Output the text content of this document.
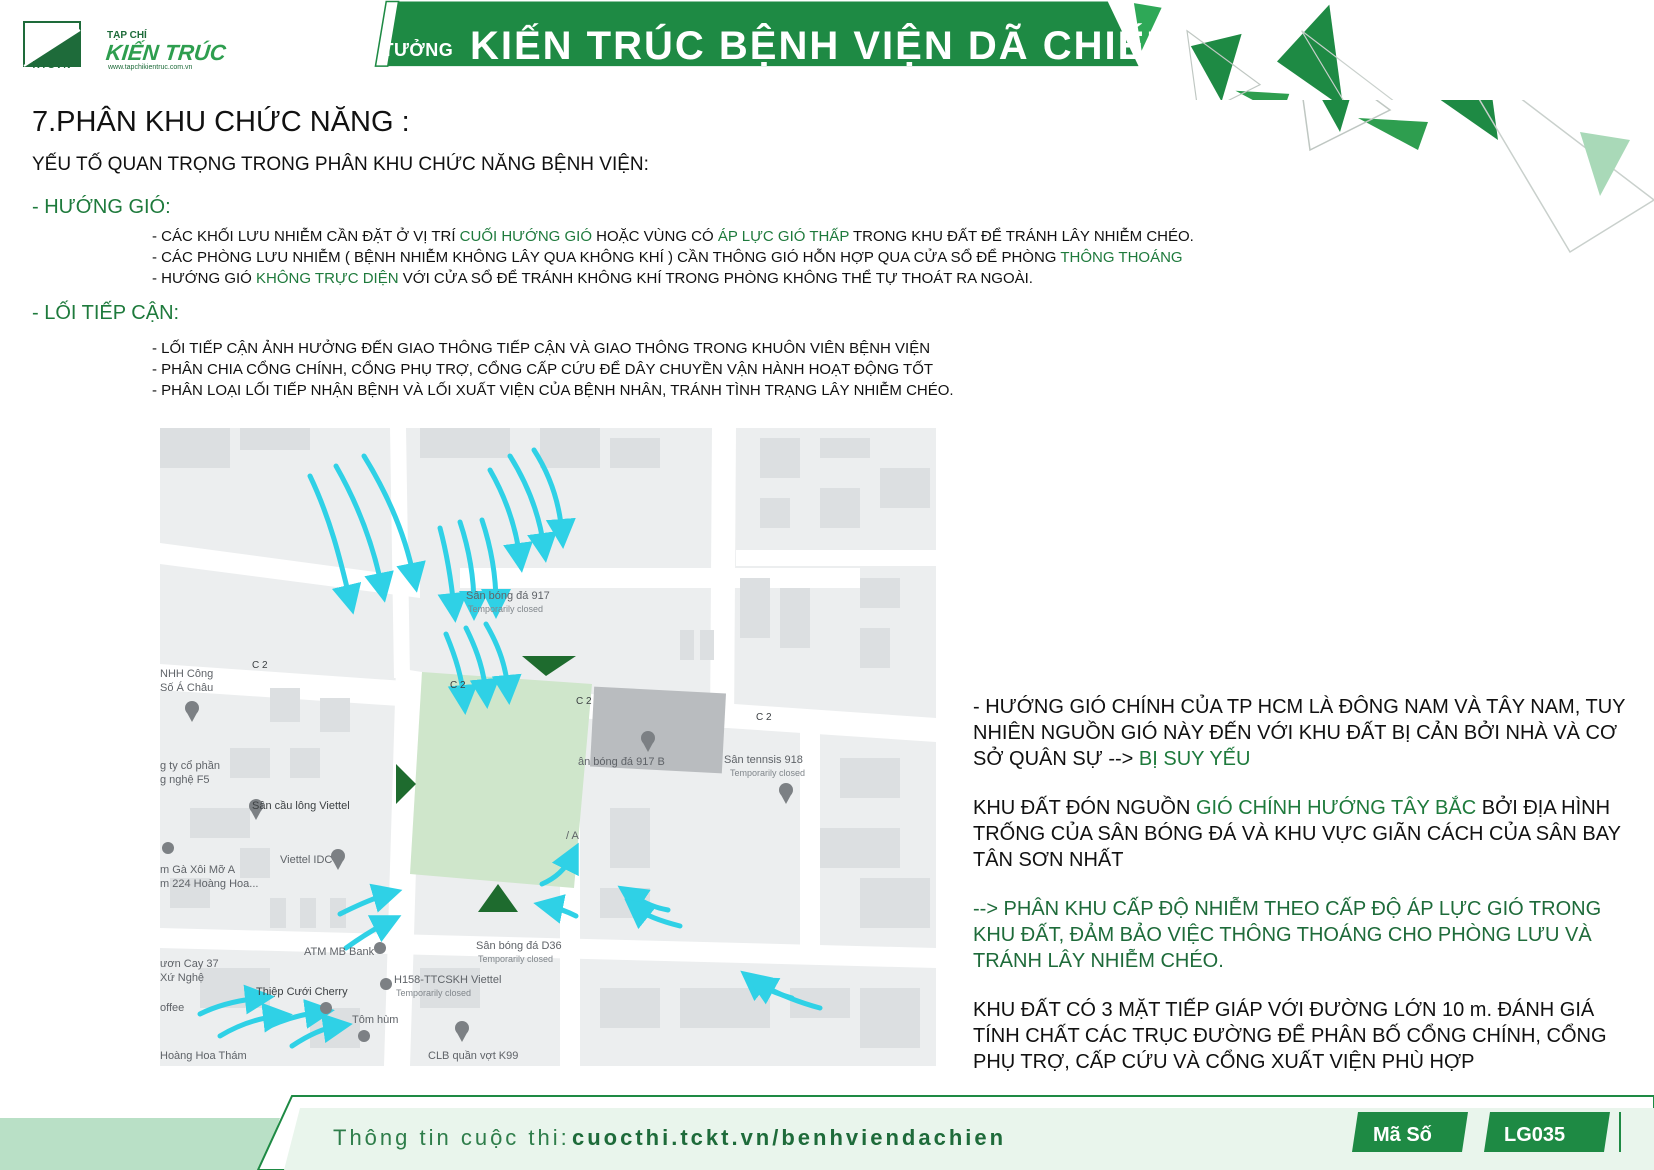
KTSVN
TẠP CHÍ
KIẾN TRÚC
www.tapchikientruc.com.vn
CUỘC THI Ý TƯỞNG KIẾN TRÚC BỆNH VIỆN DÃ CHIẾN
7.PHÂN KHU CHỨC NĂNG :
YẾU TỐ QUAN TRỌNG TRONG PHÂN KHU CHỨC NĂNG BỆNH VIỆN:
- HƯỚNG GIÓ:
- CÁC KHỐI LƯU NHIỄM CẦN ĐẶT Ở VỊ TRÍ CUỐI HƯỚNG GIÓ HOẶC VÙNG CÓ ÁP LỰC GIÓ THẤP TRONG KHU ĐẤT ĐỂ TRÁNH LÂY NHIỄM CHÉO.
- CÁC PHÒNG LƯU NHIỄM ( BỆNH NHIỄM KHÔNG LÂY QUA KHÔNG KHÍ ) CẦN THÔNG GIÓ HỖN HỢP QUA CỬA SỔ ĐỂ PHÒNG THÔNG THOÁNG
- HƯỚNG GIÓ KHÔNG TRỰC DIỆN VỚI CỬA SỔ ĐỂ TRÁNH KHÔNG KHÍ TRONG PHÒNG KHÔNG THỂ TỰ THOÁT RA NGOÀI.
- LỐI TIẾP CẬN:
- LỐI TIẾP CẬN ẢNH HƯỞNG ĐẾN GIAO THÔNG TIẾP CẬN VÀ GIAO THÔNG TRONG KHUÔN VIÊN BỆNH VIỆN
- PHÂN CHIA CỔNG CHÍNH, CỔNG PHỤ TRỢ, CỔNG CẤP CỨU ĐỂ DÂY CHUYỀN VẬN HÀNH HOẠT ĐỘNG TỐT
- PHÂN LOẠI LỐI TIẾP NHẬN BỆNH VÀ LỐI XUẤT VIỆN CỦA BỆNH NHÂN, TRÁNH TÌNH TRẠNG LÂY NHIỄM CHÉO.
Sân bóng đá 917
Temporarily closed
C 2
C 2
C 2
C 2
NHH Công
Số Á Châu
g ty cổ phần
g nghệ F5
ân bóng đá 917 B	Sân tennsis 918
Temporarily closed
Sân cầu lông Viettel
Viettel IDC
m Gà Xôi Mỡ A
m 224 Hoàng Hoa...
/ A
Sân bóng đá D36
Temporarily closed
ATM MB Bank
H158-TTCSKH Viettel
Temporarily closed
ươn Cay 37
Xứ Nghệ
Thiệp Cưới Cherry
offee
Tôm hùm
Hoàng Hoa Thám	CLB quần vợt K99

- HƯỚNG GIÓ CHÍNH CỦA TP HCM LÀ ĐÔNG NAM VÀ TÂY NAM, TUY NHIÊN NGUỒN GIÓ NÀY ĐẾN VỚI KHU ĐẤT BỊ CẢN BỞI NHÀ VÀ CƠ SỞ QUÂN SỰ --> BỊ SUY YẾU

KHU ĐẤT ĐÓN NGUỒN GIÓ CHÍNH HƯỚNG TÂY BẮC BỞI ĐỊA HÌNH TRỐNG CỦA SÂN BÓNG ĐÁ VÀ KHU VỰC GIÃN CÁCH CỦA SÂN BAY TÂN SƠN NHẤT

--> PHÂN KHU CẤP ĐỘ NHIỄM THEO CẤP ĐỘ ÁP LỰC GIÓ TRONG KHU ĐẤT, ĐẢM BẢO VIỆC THÔNG THOÁNG CHO PHÒNG LƯU VÀ TRÁNH LÂY NHIỄM CHÉO.

KHU ĐẤT CÓ 3 MẶT TIẾP GIÁP VỚI ĐƯỜNG LỚN 10 m. ĐÁNH GIÁ TÍNH CHẤT CÁC TRỤC ĐƯỜNG ĐỂ PHÂN BỐ CỔNG CHÍNH, CỔNG PHỤ TRỢ, CẤP CỨU VÀ CỔNG XUẤT VIỆN PHÙ HỢP

Thông tin cuộc thi: cuocthi.tckt.vn/benhviendachien	Mã Số	LG035
